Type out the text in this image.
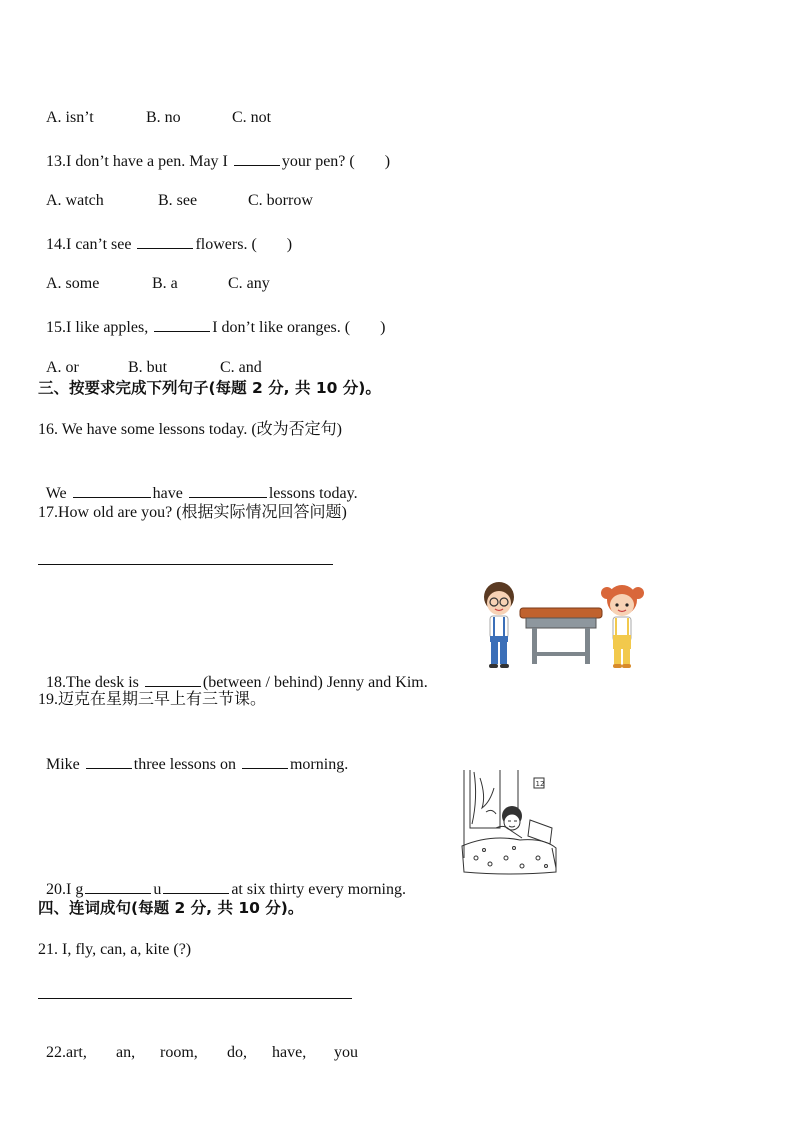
A. isn’t	B. no	C. not

13.I don’t have a pen. May I	your pen? ( )

A. watch	B. see	C. borrow

14.I can’t see	flowers. ( )

A. some	B. a	C. any

15.I like apples,	I don’t like oranges. ( )

A. or	B. but	C. and

三、按要求完成下列句子(每题 2 分, 共 10 分)。
16. We have some lessons today. (改为否定句)

We	have	lessons today.

17.How old are you? (根据实际情况回答问题)

18.The desk is	(between / behind) Jenny and Kim.

19.迈克在星期三早上有三节课。

Mike	three lessons on	morning.

20.I g	u	at six thirty every morning.

12
四、连词成句(每题 2 分, 共 10 分)。
21. I, fly, can, a, kite (?)

22.art, an, room, do, have, you
